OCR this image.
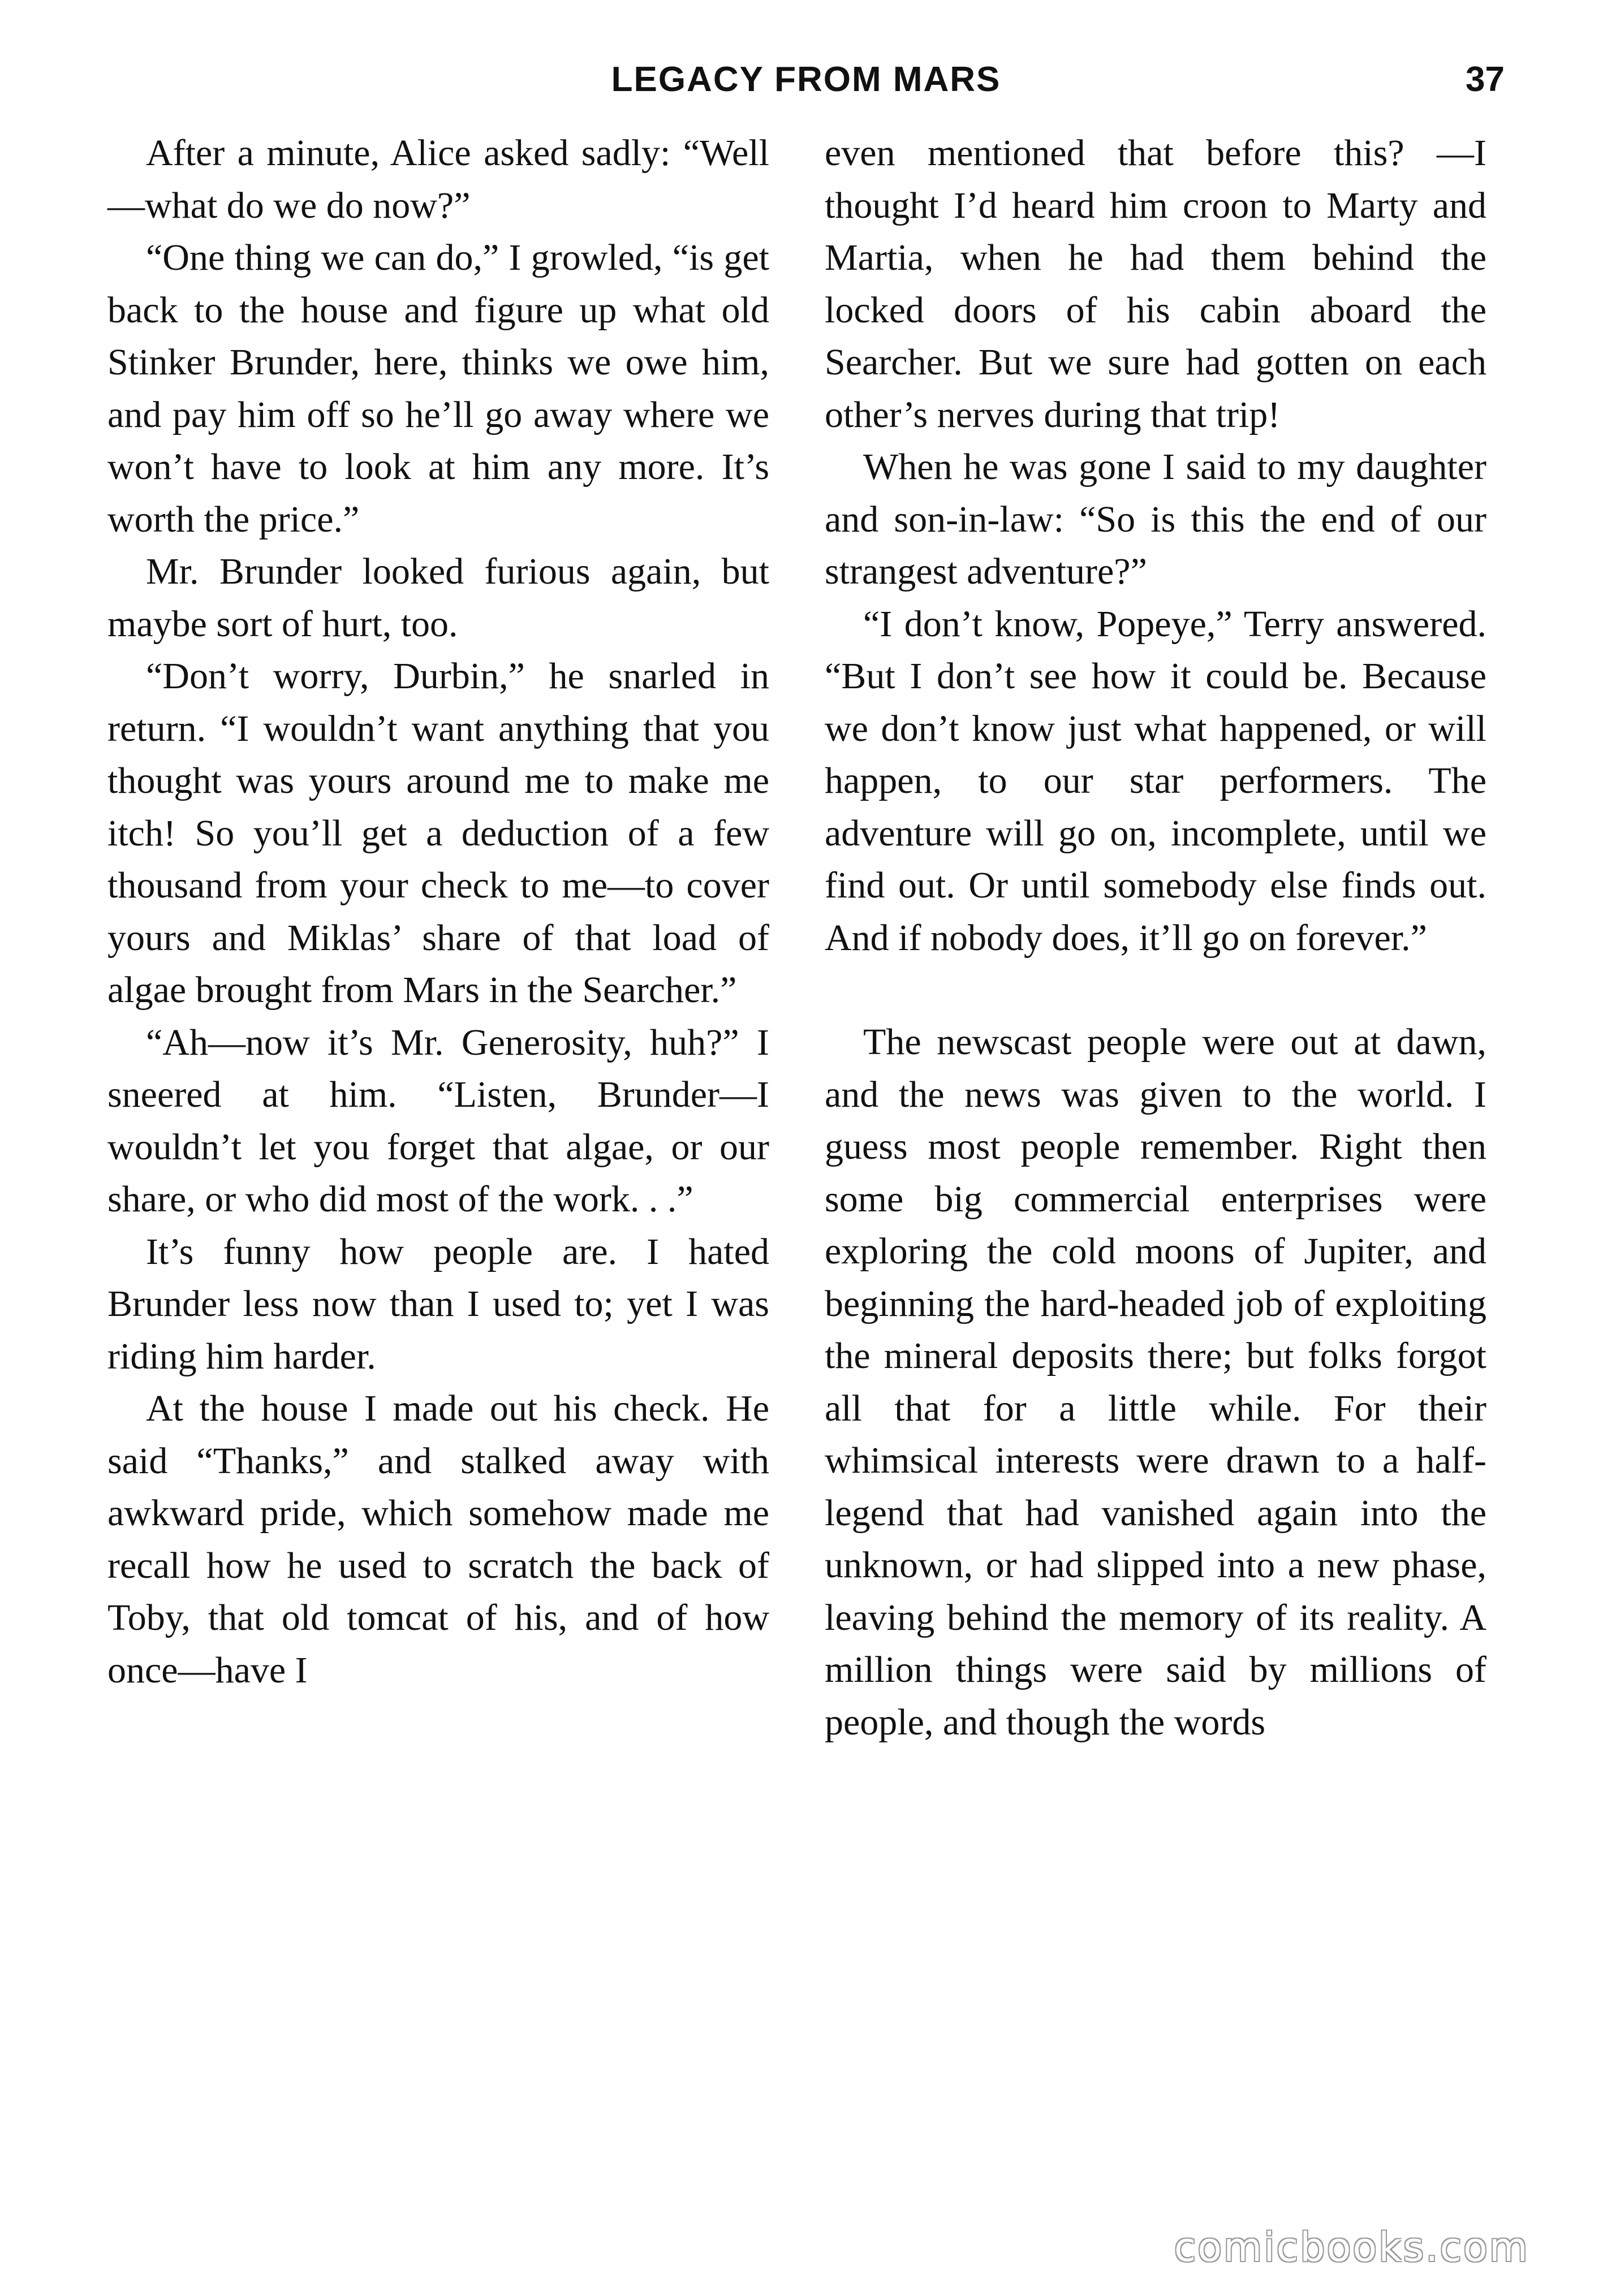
LEGACY FROM MARS	37

After a minute, Alice asked sadly: “Well—what do we do now?”

“One thing we can do,” I growled, “is get back to the house and figure up what old Stinker Brunder, here, thinks we owe him, and pay him off so he’ll go away where we won’t have to look at him any more. It’s worth the price.”

Mr. Brunder looked furious again, but maybe sort of hurt, too.

“Don’t worry, Durbin,” he snarled in return. “I wouldn’t want anything that you thought was yours around me to make me itch! So you’ll get a deduction of a few thousand from your check to me—to cover yours and Miklas’ share of that load of algae brought from Mars in the Searcher.”

“Ah—now it’s Mr. Generosity, huh?” I sneered at him. “Listen, Brunder—I wouldn’t let you forget that algae, or our share, or who did most of the work. . .”

It’s funny how people are. I hated Brunder less now than I used to; yet I was riding him harder.

At the house I made out his check. He said “Thanks,” and stalked away with awkward pride, which somehow made me recall how he used to scratch the back of Toby, that old tomcat of his, and of how once—have I

even mentioned that before this? —I thought I’d heard him croon to Marty and Martia, when he had them behind the locked doors of his cabin aboard the Searcher. But we sure had gotten on each other’s nerves during that trip!

When he was gone I said to my daughter and son-in-law: “So is this the end of our strangest adventure?”

“I don’t know, Popeye,” Terry answered. “But I don’t see how it could be. Because we don’t know just what happened, or will happen, to our star performers. The adventure will go on, incomplete, until we find out. Or until somebody else finds out. And if nobody does, it’ll go on forever.”

The newscast people were out at dawn, and the news was given to the world. I guess most people remember. Right then some big commercial enterprises were exploring the cold moons of Jupiter, and beginning the hard-headed job of exploiting the mineral deposits there; but folks forgot all that for a little while. For their whimsical interests were drawn to a half-legend that had vanished again into the unknown, or had slipped into a new phase, leaving behind the memory of its reality. A million things were said by millions of people, and though the words

comicbooks.com
